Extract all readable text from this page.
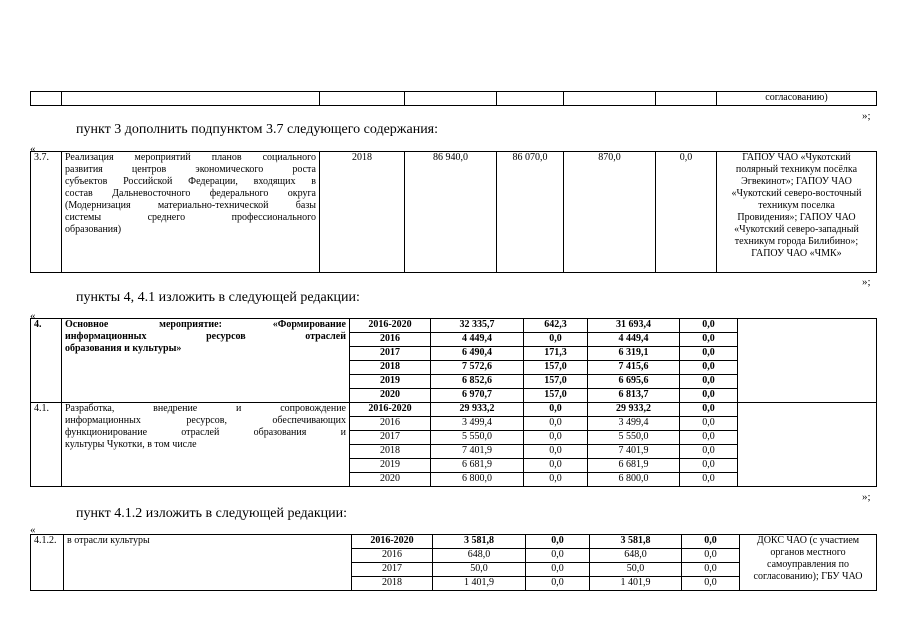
							согласованию)
»;
пункт 3 дополнить подпунктом 3.7 следующего содержания:
«
3.7.	Реализация мероприятий планов социального
развития центров экономического роста
субъектов Российской Федерации, входящих в
состав Дальневосточного федерального округа
(Модернизация материально-технической базы
системы среднего профессионального
образования)
	2018	86 940,0	86 070,0	870,0	0,0	ГАПОУ ЧАО «Чукотский
полярный техникум посёлка
Эгвекинот»; ГАПОУ ЧАО
«Чукотский северо-восточный
техникум поселка
Провидения»; ГАПОУ ЧАО
«Чукотский северо-западный
техникум города Билибино»;
ГАПОУ ЧАО «ЧМК»
»;
пункты 4, 4.1 изложить в следующей редакции:
«
4.	Основное мероприятие: «Формирование
информационных ресурсов отраслей
образования и культуры»	2016-2020	32 335,7	642,3	31 693,4	0,0	
		2016	4 449,4	0,0	4 449,4	0,0	
		2017	6 490,4	171,3	6 319,1	0,0	
		2018	7 572,6	157,0	7 415,6	0,0	
		2019	6 852,6	157,0	6 695,6	0,0	
		2020	6 970,7	157,0	6 813,7	0,0	
4.1.	Разработка, внедрение и сопровождение
информационных ресурсов, обеспечивающих
функционирование отраслей образования и
культуры Чукотки, в том числе	2016-2020	29 933,2	0,0	29 933,2	0,0	
		2016	3 499,4	0,0	3 499,4	0,0	
		2017	5 550,0	0,0	5 550,0	0,0	
		2018	7 401,9	0,0	7 401,9	0,0	
		2019	6 681,9	0,0	6 681,9	0,0	
		2020	6 800,0	0,0	6 800,0	0,0	
»;
пункт 4.1.2 изложить в следующей редакции:
«
4.1.2.	в отрасли культуры	2016-2020	3 581,8	0,0	3 581,8	0,0	ДОКС ЧАО (с участием
органов местного
самоуправления по
согласованию); ГБУ ЧАО

		2016	648,0	0,0	648,0	0,0	
		2017	50,0	0,0	50,0	0,0	
		2018	1 401,9	0,0	1 401,9	0,0	
